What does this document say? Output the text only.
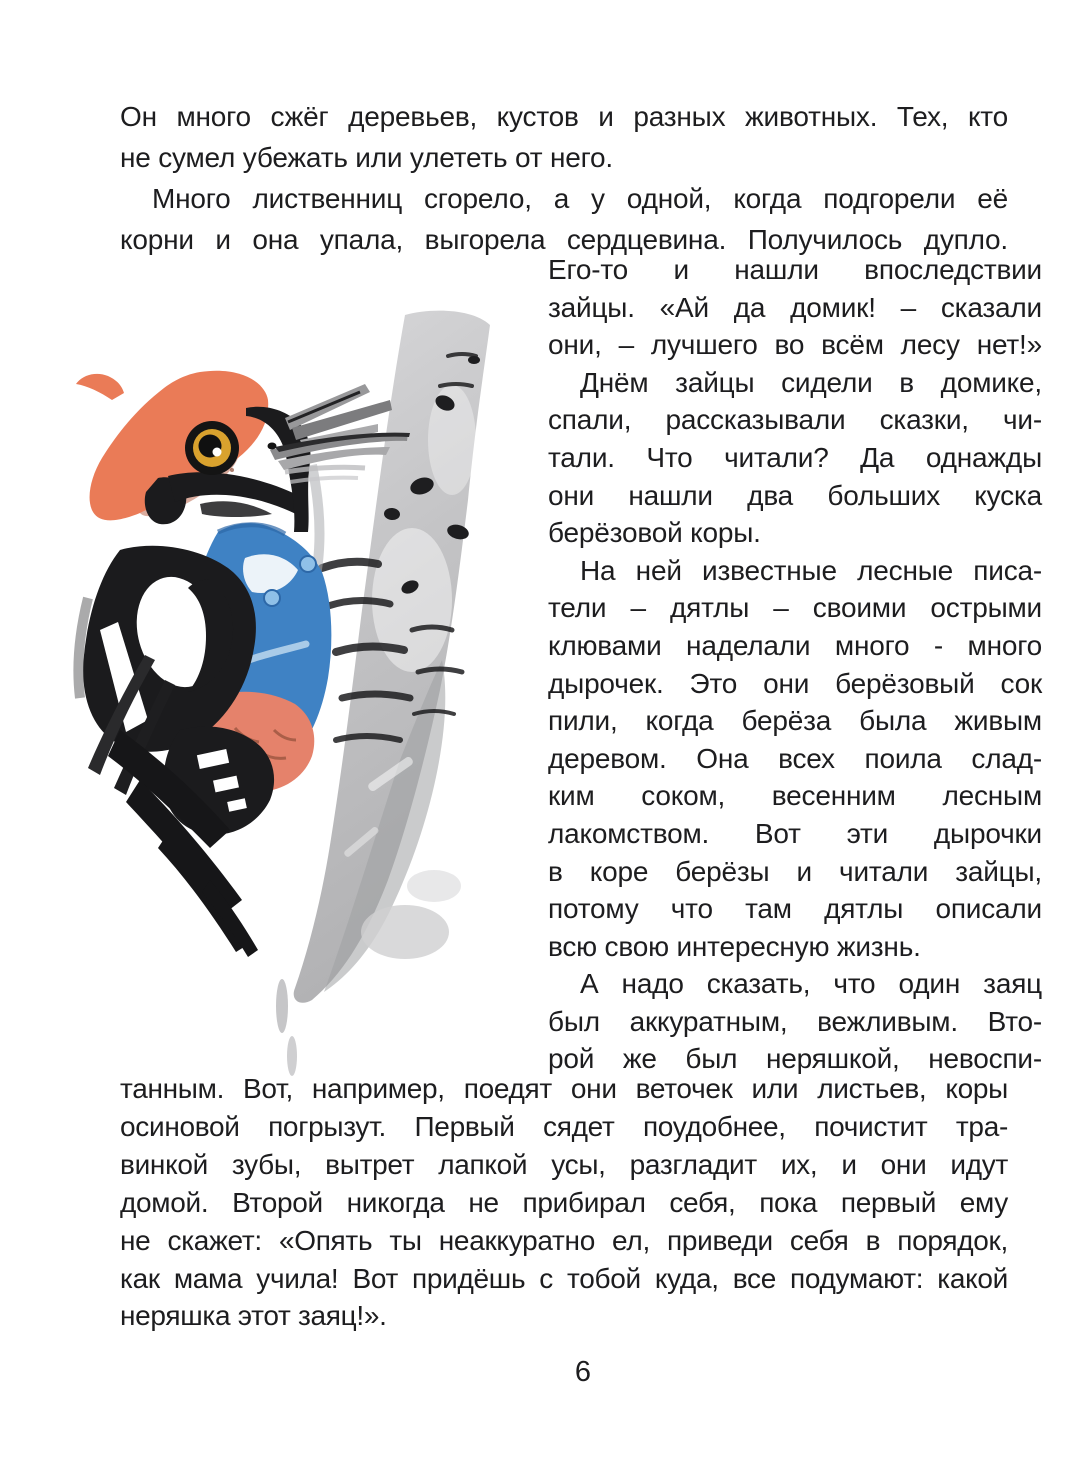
Он много сжёг деревьев, кустов и разных животных. Тех, кто
не сумел убежать или улететь от него.
Много лиственниц сгорело, а у одной, когда подгорели её
корни и она упала, выгорела сердцевина. Получилось дупло.
Его-то и нашли впоследствии
зайцы. «Ай да домик! – сказали
они, – лучшего во всём лесу нет!»
Днём зайцы сидели в домике,
спали, рассказывали сказки, чи-
тали. Что читали? Да однажды
они нашли два больших куска
берёзовой коры.
На ней известные лесные писа-
тели – дятлы – своими острыми
клювами наделали много - много
дырочек. Это они берёзовый сок
пили, когда берёза была живым
деревом. Она всех поила слад-
ким соком, весенним лесным
лакомством. Вот эти дырочки
в коре берёзы и читали зайцы,
потому что там дятлы описали
всю свою интересную жизнь.
А надо сказать, что один заяц
был аккуратным, вежливым. Вто-
рой же был неряшкой, невоспи-
танным. Вот, например, поедят они веточек или листьев, коры
осиновой погрызут. Первый сядет поудобнее, почистит тра-
винкой зубы, вытрет лапкой усы, разгладит их, и они идут
домой. Второй никогда не прибирал себя, пока первый ему
не скажет: «Опять ты неаккуратно ел, приведи себя в порядок,
как мама учила! Вот придёшь с тобой куда, все подумают: какой
неряшка этот заяц!».
6
